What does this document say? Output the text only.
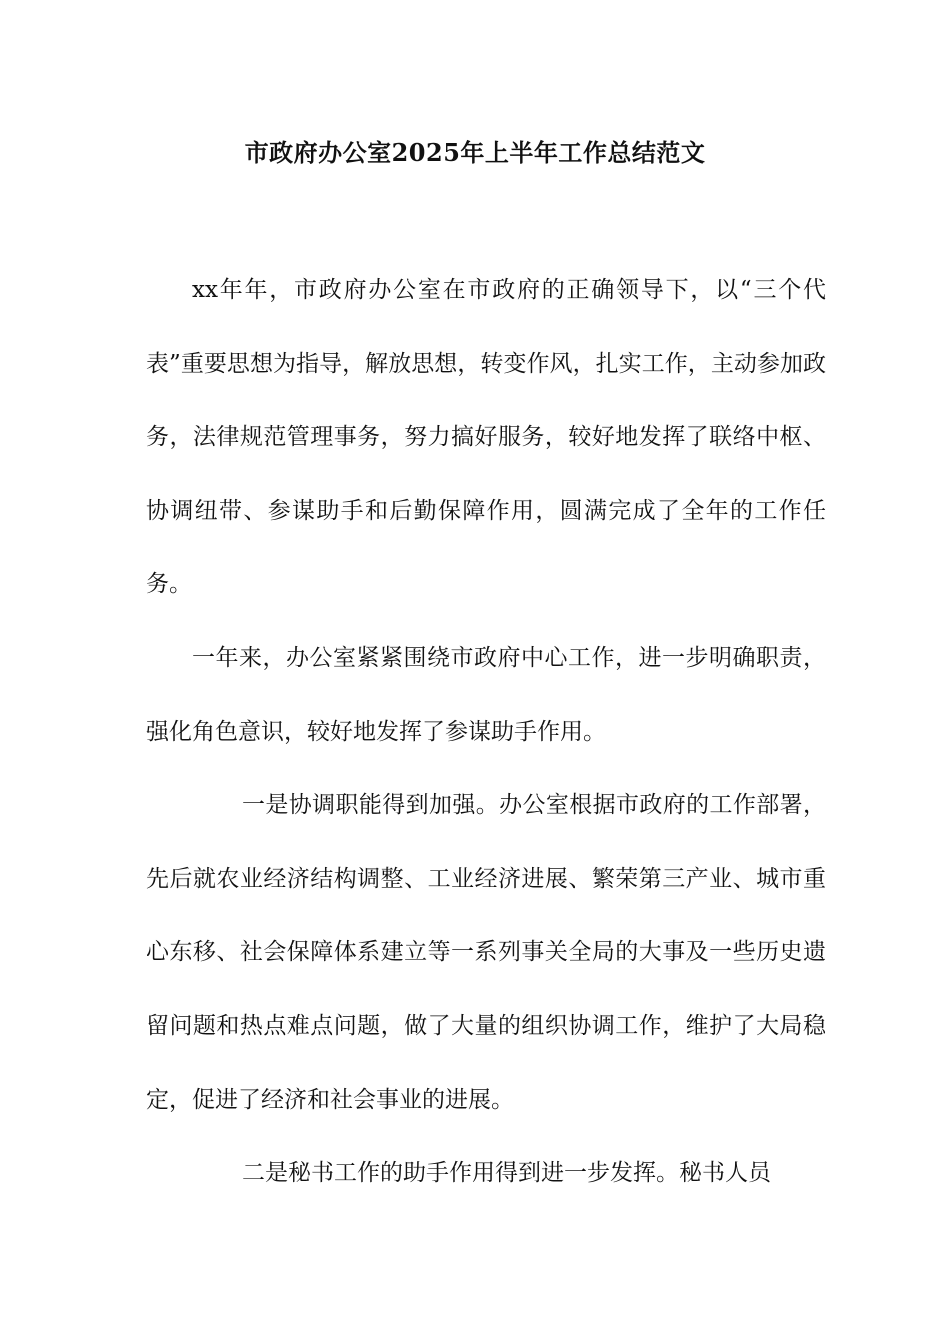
市政府办公室2025年上半年工作总结范文

xx年年，市政府办公室在市政府的正确领导下，以“三个代表”重要思想为指导，解放思想，转变作风，扎实工作，主动参加政务，法律规范管理事务，努力搞好服务，较好地发挥了联络中枢、协调纽带、参谋助手和后勤保障作用，圆满完成了全年的工作任务。

一年来，办公室紧紧围绕市政府中心工作，进一步明确职责，强化角色意识，较好地发挥了参谋助手作用。

一是协调职能得到加强。办公室根据市政府的工作部署，先后就农业经济结构调整、工业经济进展、繁荣第三产业、城市重心东移、社会保障体系建立等一系列事关全局的大事及一些历史遗留问题和热点难点问题，做了大量的组织协调工作，维护了大局稳定，促进了经济和社会事业的进展。

二是秘书工作的助手作用得到进一步发挥。秘书人员
